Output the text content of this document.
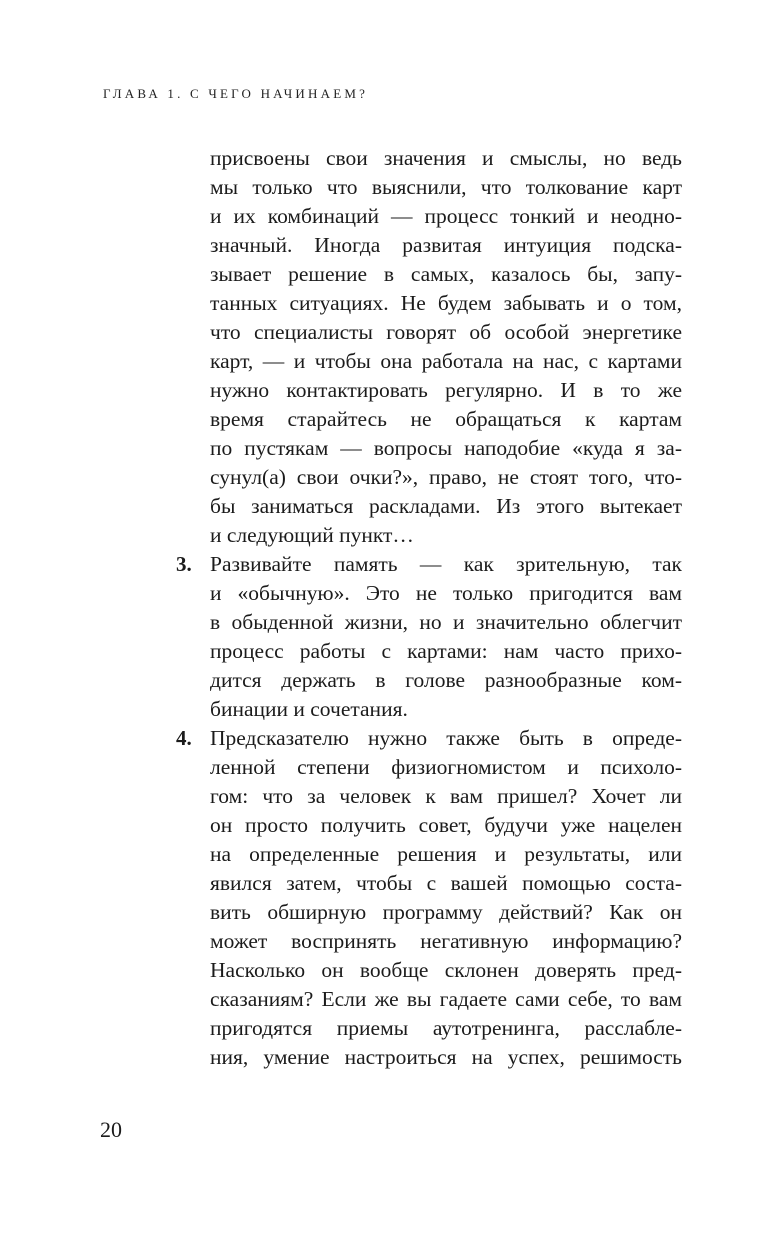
ГЛАВА 1. С ЧЕГО НАЧИНАЕМ?
присвоены свои значения и смыслы, но ведь
мы только что выяснили, что толкование карт
и их комбинаций — процесс тонкий и неодно-
значный. Иногда развитая интуиция подска-
зывает решение в самых, казалось бы, запу-
танных ситуациях. Не будем забывать и о том,
что специалисты говорят об особой энергетике
карт, — и чтобы она работала на нас, с картами
нужно контактировать регулярно. И в то же
время старайтесь не обращаться к картам
по пустякам — вопросы наподобие «куда я за-
сунул(а) свои очки?», право, не стоят того, что-
бы заниматься раскладами. Из этого вытекает
и следующий пункт…
3. Развивайте память — как зрительную, так
и «обычную». Это не только пригодится вам
в обыденной жизни, но и значительно облегчит
процесс работы с картами: нам часто прихо-
дится держать в голове разнообразные ком-
бинации и сочетания.
4. Предсказателю нужно также быть в опреде-
ленной степени физиогномистом и психоло-
гом: что за человек к вам пришел? Хочет ли
он просто получить совет, будучи уже нацелен
на определенные решения и результаты, или
явился затем, чтобы с вашей помощью соста-
вить обширную программу действий? Как он
может воспринять негативную информацию?
Насколько он вообще склонен доверять пред-
сказаниям? Если же вы гадаете сами себе, то вам
пригодятся приемы аутотренинга, расслабле-
ния, умение настроиться на успех, решимость
20
